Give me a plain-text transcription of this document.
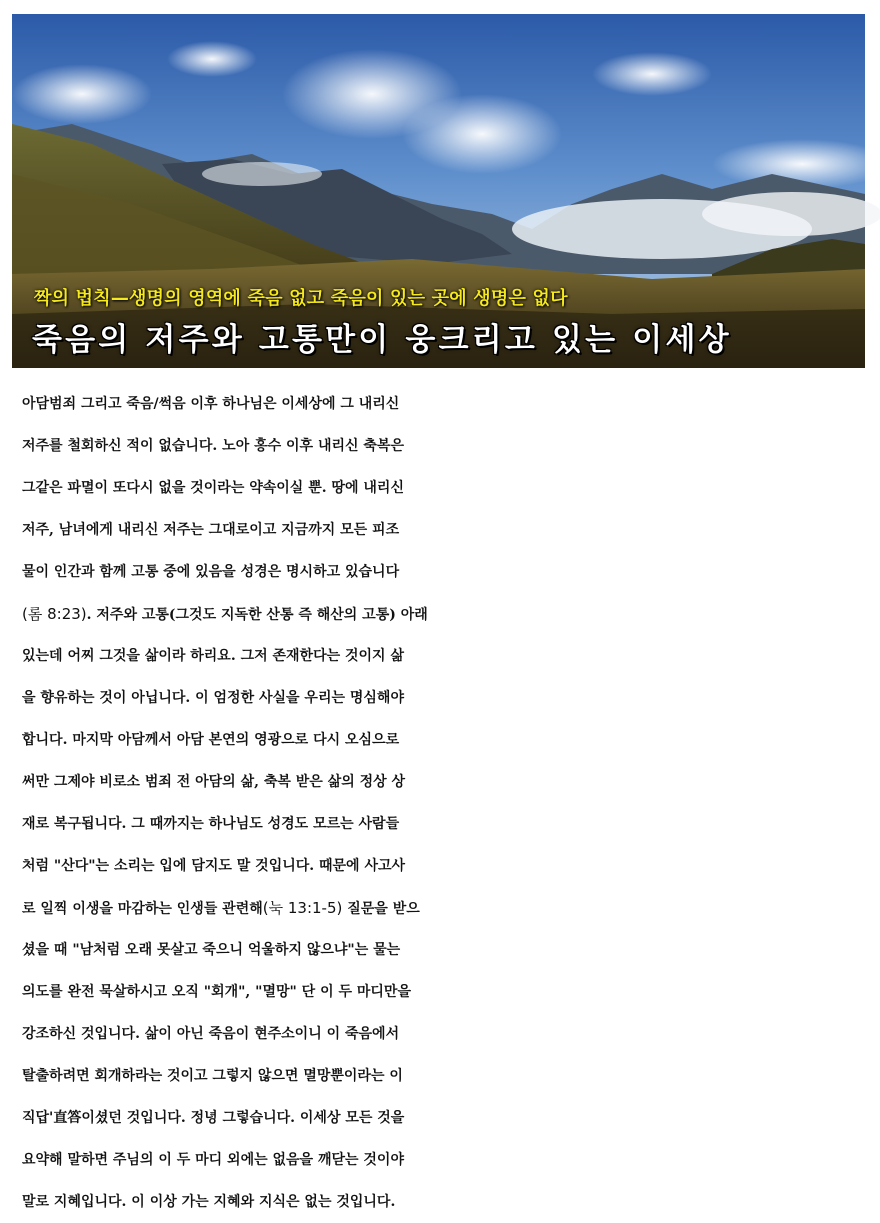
짝의 법칙—생명의 영역에 죽음 없고 죽음이 있는 곳에 생명은 없다
죽음의 저주와 고통만이 웅크리고 있는 이세상
아담범죄 그리고 죽음/썩음 이후 하나님은 이세상에 그 내리신
저주를 철회하신 적이 없습니다. 노아 홍수 이후 내리신 축복은
그같은 파멸이 또다시 없을 것이라는 약속이실 뿐. 땅에 내리신
저주, 남녀에게 내리신 저주는 그대로이고 지금까지 모든 피조
물이 인간과 함께 고통 중에 있음을 성경은 명시하고 있습니다
(롬 8:23). 저주와 고통(그것도 지독한 산통 즉 해산의 고통) 아래
있는데 어찌 그것을 삶이라 하리요. 그저 존재한다는 것이지 삶
을 향유하는 것이 아닙니다. 이 엄정한 사실을 우리는 명심해야
합니다. 마지막 아담께서 아담 본연의 영광으로 다시 오심으로
써만 그제야 비로소 범죄 전 아담의 삶, 축복 받은 삶의 정상 상
재로 복구됩니다. 그 때까지는 하나님도 성경도 모르는 사람들
처럼 "산다"는 소리는 입에 담지도 말 것입니다. 때문에 사고사
로 일찍 이생을 마감하는 인생들 관련해(눅 13:1-5) 질문을 받으
셨을 때 "남처럼 오래 못살고 죽으니 억울하지 않으냐"는 물는
의도를 완전 묵살하시고 오직 "회개", "멸망" 단 이 두 마디만을
강조하신 것입니다. 삶이 아닌 죽음이 현주소이니 이 죽음에서
탈출하려면 회개하라는 것이고 그렇지 않으면 멸망뿐이라는 이
직답'直答이셨던 것입니다. 정녕 그렇습니다. 이세상 모든 것을
요약해 말하면 주님의 이 두 마디 외에는 없음을 깨닫는 것이야
말로 지혜입니다. 이 이상 가는 지혜와 지식은 없는 것입니다.
